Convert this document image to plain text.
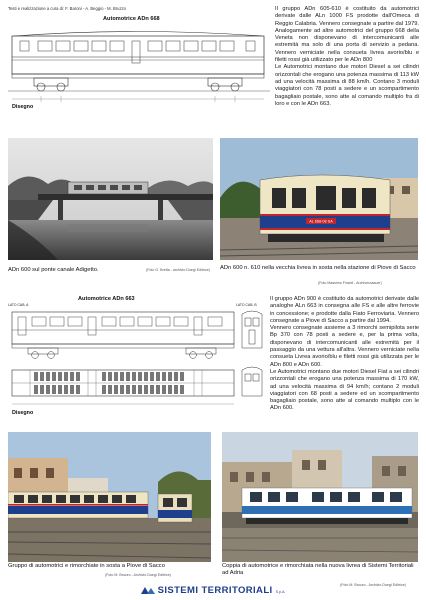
Testi e realizzazione a cura di: F. Baroni - A. Beggio - M. Bruzzo
Automotrice ADn 668
Disegno
Il gruppo ADn 605-610 è costituito da automotrici derivate dalle ALn 1000 FS prodotte dall'Omeca di Reggio Calabria. Vennero consegnate a partire dal 1979. Analogamente ad altre automotrici del gruppo 668 della Veneta non disponevano di intercomunicanti alle estremità ma solo di una porta di servizio a pedana. Vennero verniciate nella consueta livrea avorio/blu e filetti rossi già utilizzato per le ADn 800
Le Automotrici montano due motori Diesel a sei cilindri orizzontali che erogano una potenza massima di 113 kW ad una velocità massima di 88 km/h. Contano 3 moduli viaggiatori con 78 posti a sedere e un scompartimento bagagliaio postale, sono atte al comando multiplo fra di loro e con le ADn 663.
ADn 600 sul ponte canale Adigetto.	(Foto G. Bretta - archivio Duegi Editrice)
AL 668-08 SA
ADn 600 n. 610 nella vecchia livrea in sosta nella stazione di Piove di Sacco
(Foto Massimo Finzidi - Archiveroaauer)
Automotrice ADn 663
LATO CAB. A	LATO CAB. B
Disegno
Il gruppo ADn 900 è costituito da automotrici derivate dalle analoghe ALn 663 in consegna alle FS e alle altre ferrovie in concessione; e prodotte dalla Fiato Ferroviaria. Vennero consegnate a Piove di Sacco a partire dal 1994.
Vennero consegnate assieme a 3 rimorchi semipilota serie Bp 370 con 78 posti a sedere e, per la prima volta, disponevano di intercomunicanti alle estremità per il passaggio da una vettura all'altra. Vennero verniciate nella consueta Livrea avorio/blu e filetti rossi già utilizzata per le ADn 800 e ADn 600.
Le Automotrici montano due motori Diesel Fiat a sei cilindri orizzontali che erogano una potenza massima di 170 kW, ad una velocità massima di 94 km/h; contano 2 moduli viaggiatori con 68 posti a sedere ed un scompartimento bagagliaio postale, sono atte al comando multiplo con le ADn 600.
Gruppo di automotrici e rimorchiate in sosta a Piove di Sacco
(Foto M. Bruzzo - Archivio Duegi Editrice)
Coppia di automotrice e rimorchiata nella nuova livrea di Sistemi Territoriali ad Adria
(Foto M. Bruzzo - Archivio Duegi Editrice)
SISTEMI TERRITORIALI S.p.A.
